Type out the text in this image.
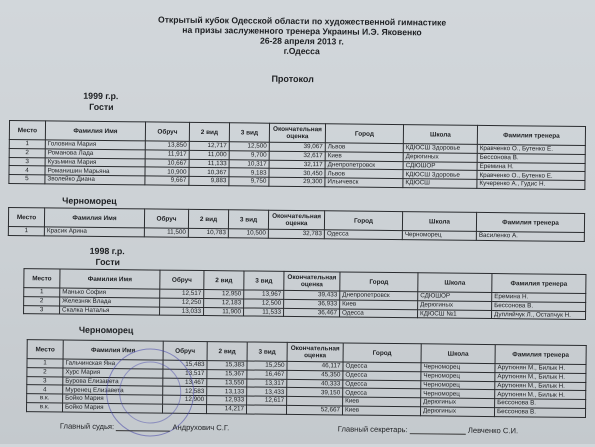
Открытый кубок Одесской области по художественной гимнастике
на призы заслуженного тренера Украины И.Э. Яковенко
26-28 апреля 2013 г.
г.Одесса
Протокол
1999 г.р.
Гости
Место	Фамилия Имя	Обруч	2 вид	3 вид	Окончательная оценка	Город	Школа	Фамилия тренера
1	Головина Мария	13,850	12,717	12,500	39,067	Львов	КДЮСШ Здоровье	Кравченко О., Бутенко Е.
2	Романова Лада	11,917	11,000	9,700	32,617	Киев	Дерюгиных	Бессонова В.
3	Кузьмина Мария	10,667	11,133	10,317	32,117	Днепропетровск	СДЮШОР	Еремина Н.
4	Романишин Марьяна	10,900	10,367	9,183	30,450	Львов	КДЮСШ Здоровье	Кравченко О., Бутенко Е.
5	Зволейко Диана	9,667	9,883	9,750	29,300	Ильичевск	КДЮСШ	Кучеренко А., Гудис Н.
Черноморец
Место	Фамилия Имя	Обруч	2 вид	3 вид	Окончательная оценка	Город	Школа	Фамилия тренера
1	Красик Арина	11,500	10,783	10,500	32,783	Одесса	Черноморец	Василенко А.
1998 г.р.
Гости
Место	Фамилия Имя	Обруч	2 вид	3 вид	Окончательная оценка	Город	Школа	Фамилия тренера
1	Манько София	12,517	12,950	13,967	39,433	Днепропетровск	СДЮШОР	Еремина Н.
2	Железняк Влада	12,250	12,183	12,500	36,933	Киев	Дерюгиных	Бессонова В.
3	Скалка Наталья	13,033	11,900	11,533	36,467	Одесса	КДЮСШ №1	Дупляйчук Л., Остапчук Н.
Черноморец
Место	Фамилия Имя	Обруч	2 вид	3 вид	Окончательная оценка	Город	Школа	Фамилия тренера
1	Гальчинская Яна	15,483	15,383	15,250	46,117	Одесса	Черноморец	Арутюнян М., Билык Н.
2	Хурс Мария	13,517	15,367	16,467	45,350	Одесса	Черноморец	Арутюнян М., Билык Н.
3	Бурова Елизавета	13,467	13,550	13,317	40,333	Одесса	Черноморец	Арутюнян М., Билык Н.
4	Муренец Елизавета	12,583	13,133	13,433	39,150	Одесса	Черноморец	Арутюнян М., Билык Н.
в.к.	Бойко Мария	12,900	12,933	12,617		Киев	Дерюгиных	Бессонова В.
в.к.	Бойко Мария		14,217		52,667	Киев	Дерюгиных	Бессонова В.
Главный судья:	Андрухович С.Г.	Главный секретарь:	Левченко С.И.
